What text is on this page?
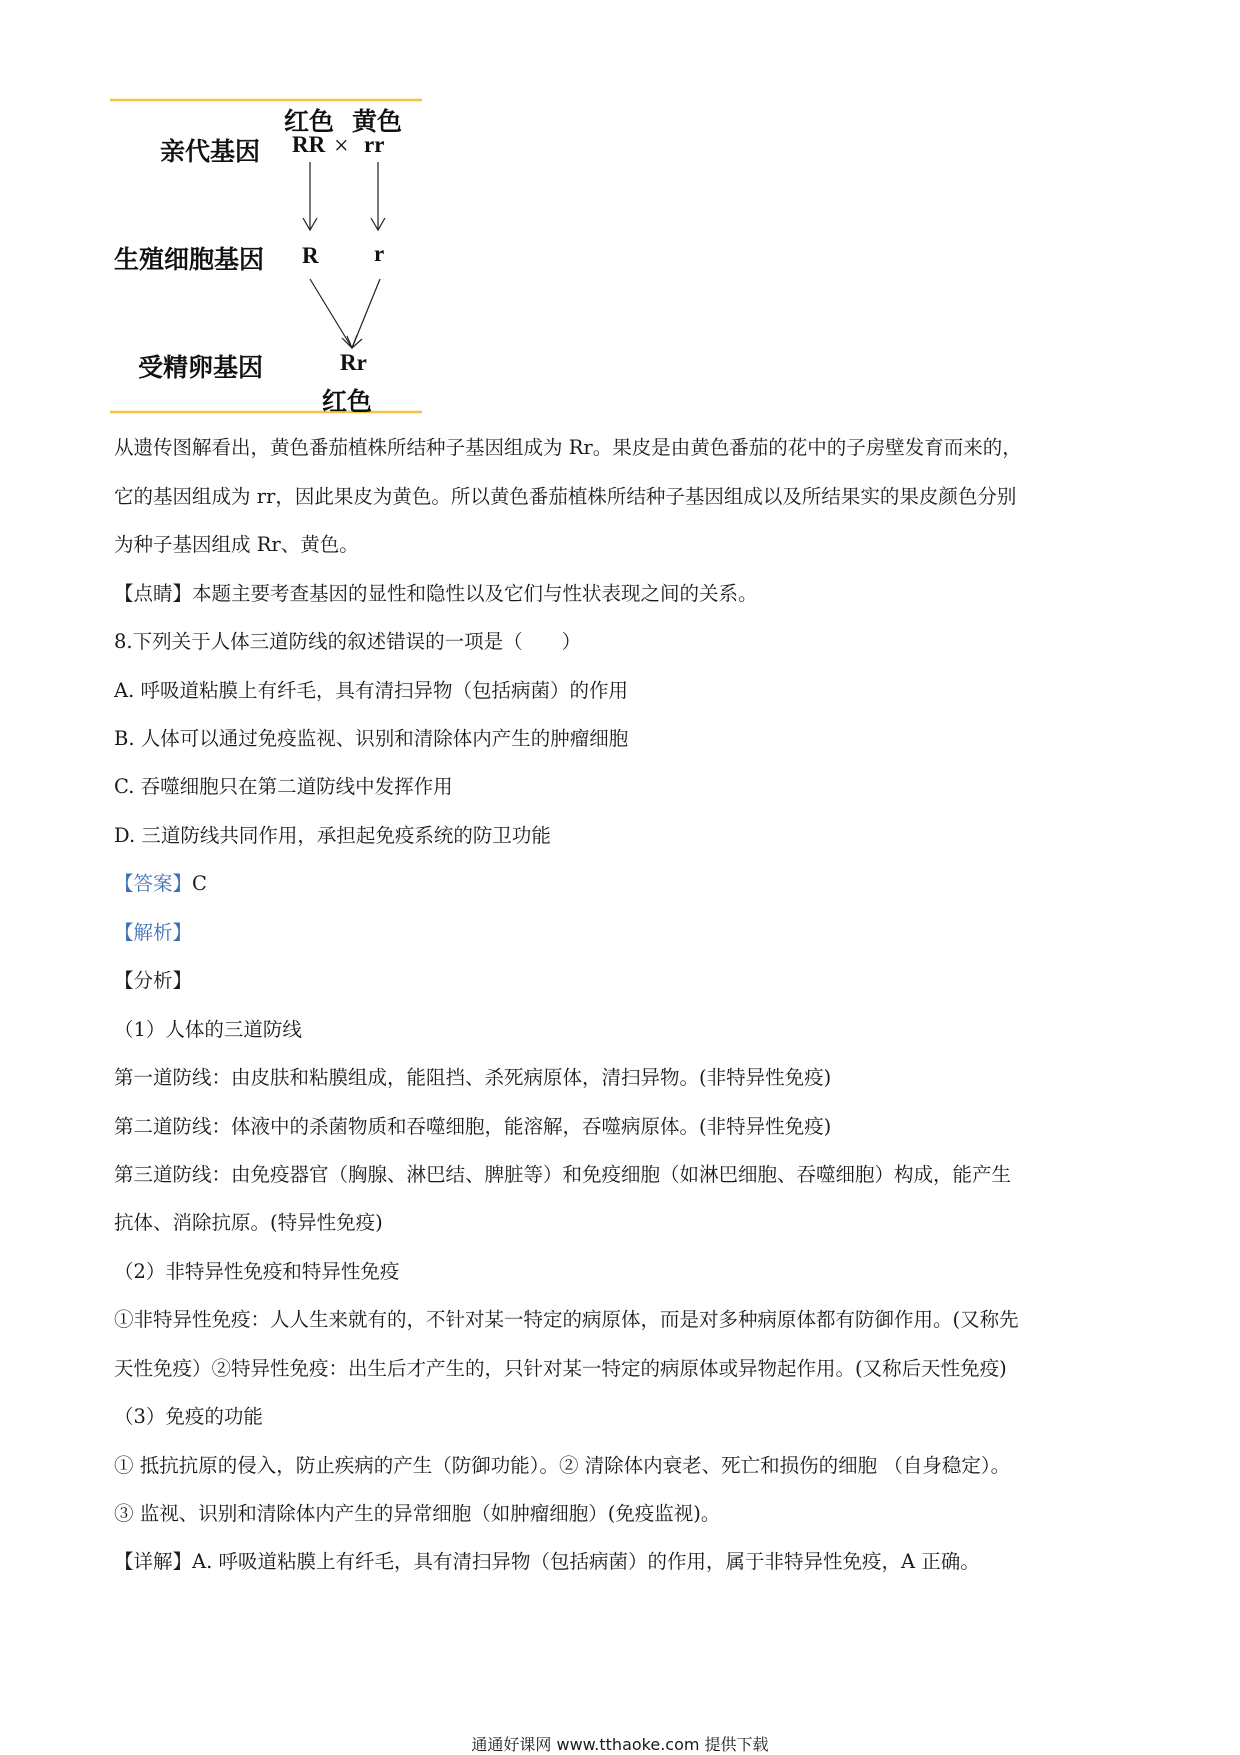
红色 黄色
亲代基因 RR × rr
生殖细胞基因 R r
受精卵基因	Rr
红色
从遗传图解看出，黄色番茄植株所结种子基因组成为 Rr。果皮是由黄色番茄的花中的子房壁发育而来的，
它的基因组成为 rr，因此果皮为黄色。所以黄色番茄植株所结种子基因组成以及所结果实的果皮颜色分别
为种子基因组成 Rr、黄色。
【点睛】本题主要考查基因的显性和隐性以及它们与性状表现之间的关系。
8.下列关于人体三道防线的叙述错误的一项是（　　）
A. 呼吸道粘膜上有纤毛，具有清扫异物（包括病菌）的作用
B. 人体可以通过免疫监视、识别和清除体内产生的肿瘤细胞
C. 吞噬细胞只在第二道防线中发挥作用
D. 三道防线共同作用，承担起免疫系统的防卫功能
【答案】C
【解析】
【分析】
（1）人体的三道防线
第一道防线：由皮肤和粘膜组成，能阻挡、杀死病原体，清扫异物。(非特异性免疫)
第二道防线：体液中的杀菌物质和吞噬细胞，能溶解，吞噬病原体。(非特异性免疫)
第三道防线：由免疫器官（胸腺、淋巴结、脾脏等）和免疫细胞（如淋巴细胞、吞噬细胞）构成，能产生
抗体、消除抗原。(特异性免疫)
（2）非特异性免疫和特异性免疫
①非特异性免疫：人人生来就有的，不针对某一特定的病原体，而是对多种病原体都有防御作用。(又称先
天性免疫）②特异性免疫：出生后才产生的，只针对某一特定的病原体或异物起作用。(又称后天性免疫)
（3）免疫的功能
① 抵抗抗原的侵入，防止疾病的产生（防御功能）。② 清除体内衰老、死亡和损伤的细胞 （自身稳定）。
③ 监视、识别和清除体内产生的异常细胞（如肿瘤细胞）(免疫监视)。
【详解】A. 呼吸道粘膜上有纤毛，具有清扫异物（包括病菌）的作用，属于非特异性免疫，A 正确。
通通好课网 www.tthaoke.com 提供下载
